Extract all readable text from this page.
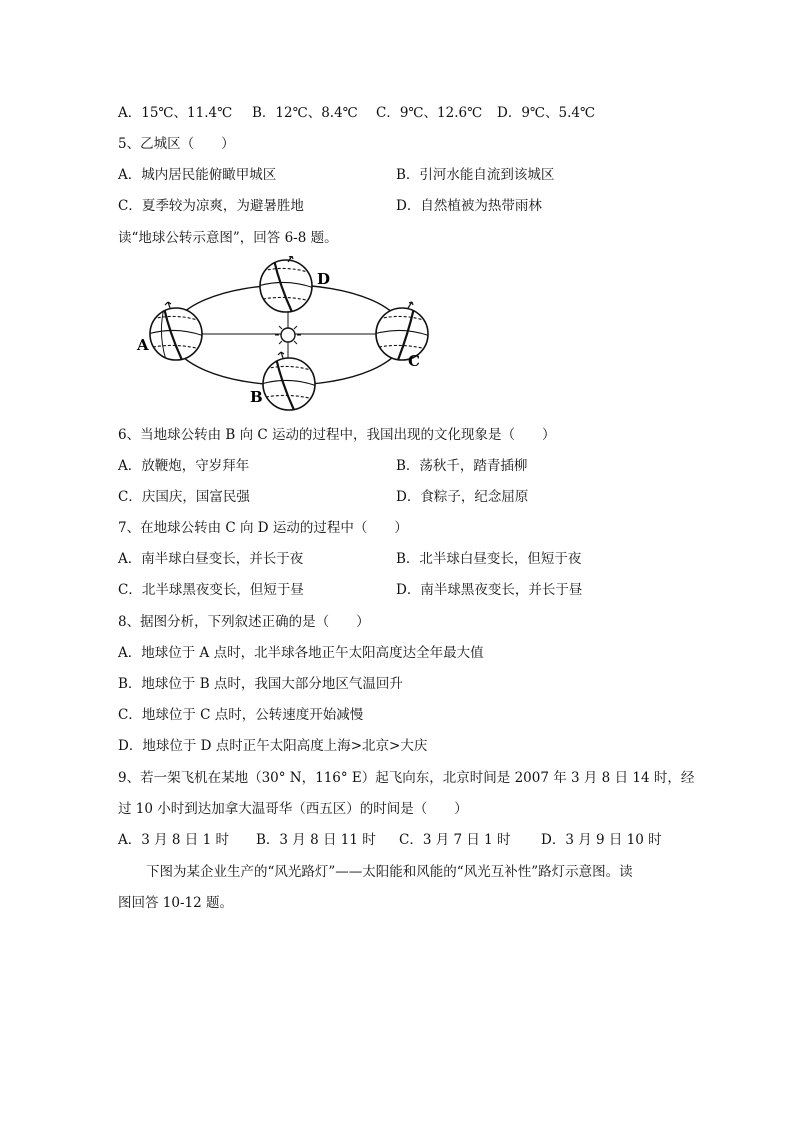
A．15℃、11.4℃ B．12℃、8.4℃ C．9℃、12.6℃ D．9℃、5.4℃
5、乙城区（　　）
A．城内居民能俯瞰甲城区	B．引河水能自流到该城区
C．夏季较为凉爽，为避暑胜地	D．自然植被为热带雨林
读“地球公转示意图”，回答 6-8 题。
A
B
C
D
6、当地球公转由 B 向 C 运动的过程中，我国出现的文化现象是（　　）
A．放鞭炮，守岁拜年	B．荡秋千，踏青插柳
C．庆国庆，国富民强	D．食粽子，纪念屈原
7、在地球公转由 C 向 D 运动的过程中（　　）
A．南半球白昼变长，并长于夜	B．北半球白昼变长，但短于夜
C．北半球黑夜变长，但短于昼	D．南半球黑夜变长，并长于昼
8、据图分析，下列叙述正确的是（　　）
A．地球位于 A 点时，北半球各地正午太阳高度达全年最大值
B．地球位于 B 点时，我国大部分地区气温回升
C．地球位于 C 点时，公转速度开始减慢
D．地球位于 D 点时正午太阳高度上海>北京>大庆
9、若一架飞机在某地（30° N，116° E）起飞向东，北京时间是 2007 年 3 月 8 日 14 时，经
过 10 小时到达加拿大温哥华（西五区）的时间是（　　）
A．3 月 8 日 1 时 B．3 月 8 日 11 时 C．3 月 7 日 1 时 D．3 月 9 日 10 时
下图为某企业生产的“风光路灯”——太阳能和风能的“风光互补性”路灯示意图。读
图回答 10-12 题。
